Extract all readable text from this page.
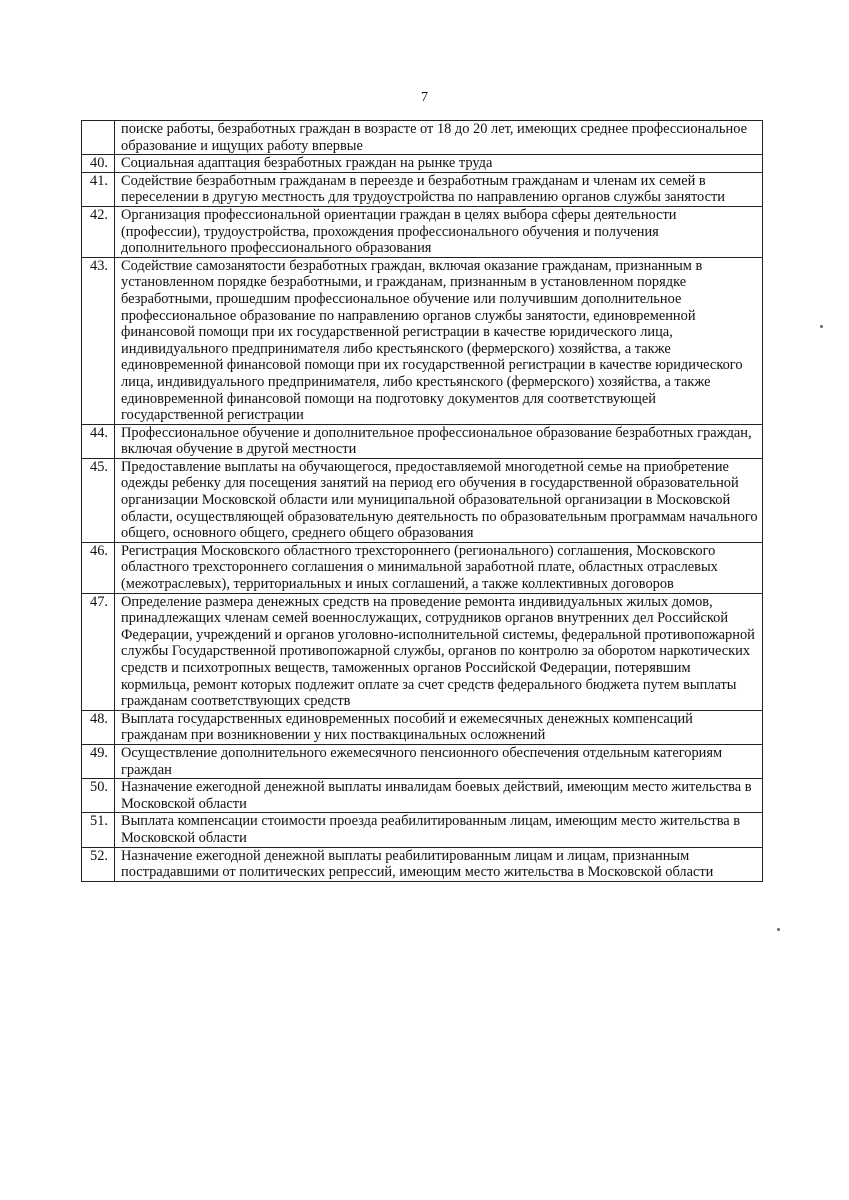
7
	поиске работы, безработных граждан в возрасте от 18 до 20 лет, имеющих среднее профессиональное образование и ищущих работу впервые
40.	Социальная адаптация безработных граждан на рынке труда
41.	Содействие безработным гражданам в переезде и безработным гражданам и членам их семей в переселении в другую местность для трудоустройства по направлению органов службы занятости
42.	Организация профессиональной ориентации граждан в целях выбора сферы деятельности (профессии), трудоустройства, прохождения профессионального обучения и получения дополнительного профессионального образования
43.	Содействие самозанятости безработных граждан, включая оказание гражданам, признанным в установленном порядке безработными, и гражданам, признанным в установленном порядке безработными, прошедшим профессиональное обучение или получившим дополнительное профессиональное образование по направлению органов службы занятости, единовременной финансовой помощи при их государственной регистрации в качестве юридического лица, индивидуального предпринимателя либо крестьянского (фермерского) хозяйства, а также единовременной финансовой помощи при их государственной регистрации в качестве юридического лица, индивидуального предпринимателя, либо крестьянского (фермерского) хозяйства, а также единовременной финансовой помощи на подготовку документов для соответствующей государственной регистрации
44.	Профессиональное обучение и дополнительное профессиональное образование безработных граждан, включая обучение в другой местности
45.	Предоставление выплаты на обучающегося, предоставляемой многодетной семье на приобретение одежды ребенку для посещения занятий на период его обучения в государственной образовательной организации Московской области или муниципальной образовательной организации в Московской области, осуществляющей образовательную деятельность по образовательным программам начального общего, основного общего, среднего общего образования
46.	Регистрация Московского областного трехстороннего (регионального) соглашения, Московского областного трехстороннего соглашения о минимальной заработной плате, областных отраслевых (межотраслевых), территориальных и иных соглашений, а также коллективных договоров
47.	Определение размера денежных средств на проведение ремонта индивидуальных жилых домов, принадлежащих членам семей военнослужащих, сотрудников органов внутренних дел Российской Федерации, учреждений и органов уголовно-исполнительной системы, федеральной противопожарной службы Государственной противопожарной службы, органов по контролю за оборотом наркотических средств и психотропных веществ, таможенных органов Российской Федерации, потерявшим кормильца, ремонт которых подлежит оплате за счет средств федерального бюджета путем выплаты гражданам соответствующих средств
48.	Выплата государственных единовременных пособий и ежемесячных денежных компенсаций гражданам при возникновении у них поствакцинальных осложнений
49.	Осуществление дополнительного ежемесячного пенсионного обеспечения отдельным категориям граждан
50.	Назначение ежегодной денежной выплаты инвалидам боевых действий, имеющим место жительства в Московской области
51.	Выплата компенсации стоимости проезда реабилитированным лицам, имеющим место жительства в Московской области
52.	Назначение ежегодной денежной выплаты реабилитированным лицам и лицам, признанным пострадавшими от политических репрессий, имеющим место жительства в Московской области
